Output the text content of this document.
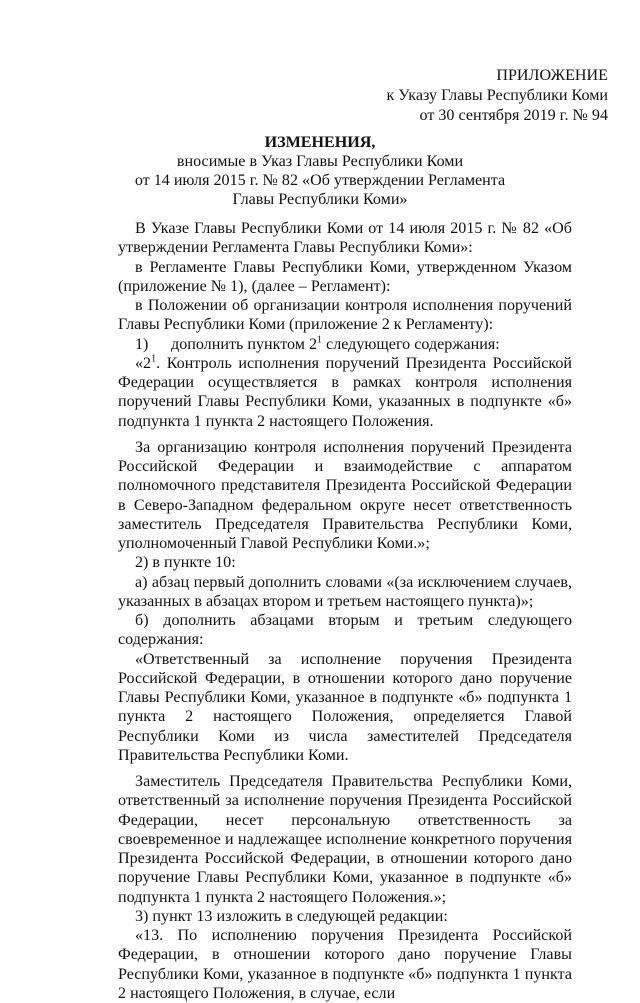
ПРИЛОЖЕНИЕ
к Указу Главы Республики Коми
от 30 сентября 2019 г. № 94
ИЗМЕНЕНИЯ,
вносимые в Указ Главы Республики Коми
от 14 июля 2015 г. № 82 «Об утверждении Регламента
Главы Республики Коми»

В Указе Главы Республики Коми от 14 июля 2015 г. № 82 «Об утверждении Регламента Главы Республики Коми»:

в Регламенте Главы Республики Коми, утвержденном Указом (приложение № 1), (далее – Регламент):

в Положении об организации контроля исполнения поручений Главы Республики Коми (приложение 2 к Регламенту):

1) дополнить пунктом $2^1$ следующего содержания:

«$2^1$. Контроль исполнения поручений Президента Российской Федерации осуществляется в рамках контроля исполнения поручений Главы Республики Коми, указанных в подпункте «б» подпункта 1 пункта 2 настоящего Положения.

За организацию контроля исполнения поручений Президента Российской Федерации и взаимодействие с аппаратом полномочного представителя Президента Российской Федерации в Северо-Западном федеральном округе несет ответственность заместитель Председателя Правительства Республики Коми, уполномоченный Главой Республики Коми.»;

2) в пункте 10:

а) абзац первый дополнить словами «(за исключением случаев, указанных в абзацах втором и третьем настоящего пункта)»;

б) дополнить абзацами вторым и третьим следующего содержания:

«Ответственный за исполнение поручения Президента Российской Федерации, в отношении которого дано поручение Главы Республики Коми, указанное в подпункте «б» подпункта 1 пункта 2 настоящего Положения, определяется Главой Республики Коми из числа заместителей Председателя Правительства Республики Коми.

Заместитель Председателя Правительства Республики Коми, ответственный за исполнение поручения Президента Российской Федерации, несет персональную ответственность за своевременное и надлежащее исполнение конкретного поручения Президента Российской Федерации, в отношении которого дано поручение Главы Республики Коми, указанное в подпункте «б» подпункта 1 пункта 2 настоящего Положения.»;

3) пункт 13 изложить в следующей редакции:

«13. По исполнению поручения Президента Российской Федерации, в отношении которого дано поручение Главы Республики Коми, указанное в подпункте «б» подпункта 1 пункта 2 настоящего Положения, в случае, если
